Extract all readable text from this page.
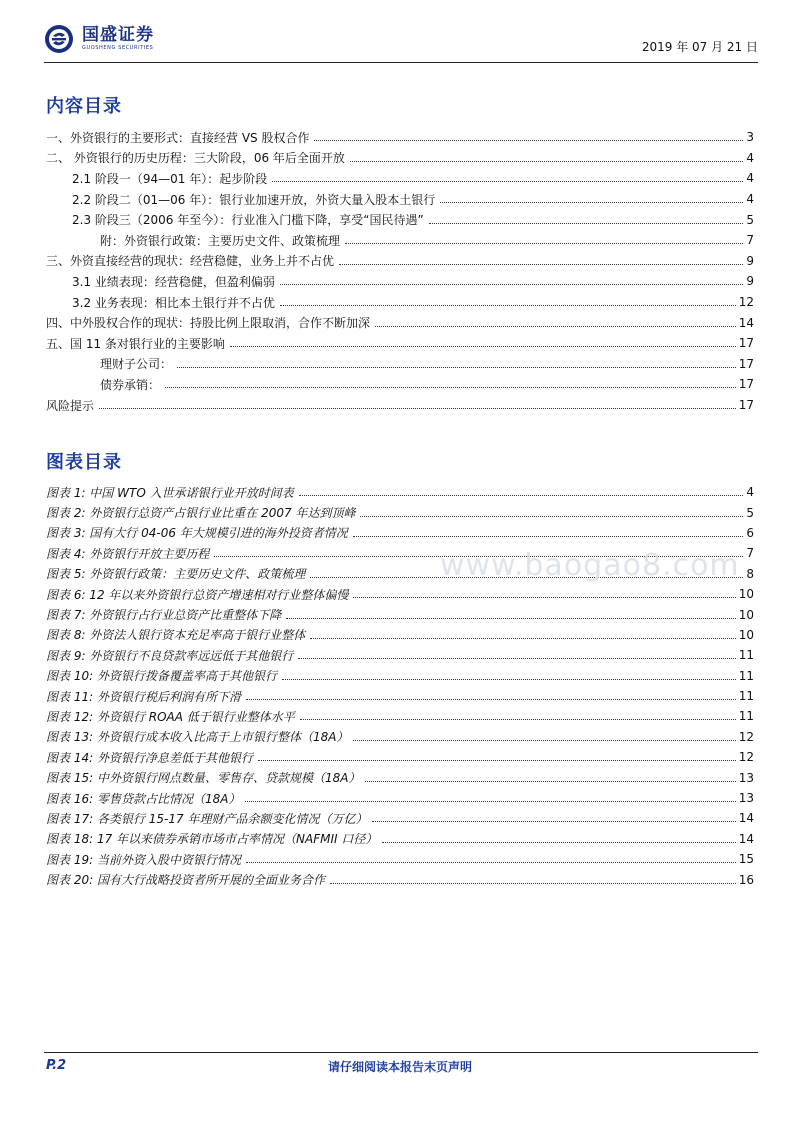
国盛证券
GUOSHENG SECURITIES	2019 年 07 月 21 日
内容目录
一、外资银行的主要形式：直接经营 VS 股权合作	3
二、 外资银行的历史历程：三大阶段，06 年后全面开放	4
2.1 阶段一（94—01 年）：起步阶段	4
2.2 阶段二（01—06 年）：银行业加速开放，外资大量入股本土银行	4
2.3 阶段三（2006 年至今）：行业准入门槛下降，享受“国民待遇”	5
附：外资银行政策：主要历史文件、政策梳理	7
三、外资直接经营的现状：经营稳健，业务上并不占优	9
3.1 业绩表现：经营稳健，但盈利偏弱	9
3.2 业务表现：相比本土银行并不占优	12
四、中外股权合作的现状：持股比例上限取消，合作不断加深	14
五、国 11 条对银行业的主要影响	17
理财子公司：	17
债券承销：	17
风险提示	17
图表目录
图表 1: 中国 WTO 入世承诺银行业开放时间表	4
图表 2: 外资银行总资产占银行业比重在 2007 年达到顶峰	5
图表 3: 国有大行 04-06 年大规模引进的海外投资者情况	6
图表 4: 外资银行开放主要历程	7
图表 5: 外资银行政策：主要历史文件、政策梳理	8
图表 6: 12 年以来外资银行总资产增速相对行业整体偏慢	10
图表 7: 外资银行占行业总资产比重整体下降	10
图表 8: 外资法人银行资本充足率高于银行业整体	10
图表 9: 外资银行不良贷款率远远低于其他银行	11
图表 10: 外资银行拨备覆盖率高于其他银行	11
图表 11: 外资银行税后利润有所下滑	11
图表 12: 外资银行 ROAA 低于银行业整体水平	11
图表 13: 外资银行成本收入比高于上市银行整体（18A）	12
图表 14: 外资银行净息差低于其他银行	12
图表 15: 中外资银行网点数量、零售存、贷款规模（18A）	13
图表 16: 零售贷款占比情况（18A）	13
图表 17: 各类银行 15-17 年理财产品余额变化情况（万亿）	14
图表 18: 17 年以来债券承销市场市占率情况（NAFMII 口径）	14
图表 19: 当前外资入股中资银行情况	15
图表 20: 国有大行战略投资者所开展的全面业务合作	16
www.baogao8.com
P.2	请仔细阅读本报告末页声明
